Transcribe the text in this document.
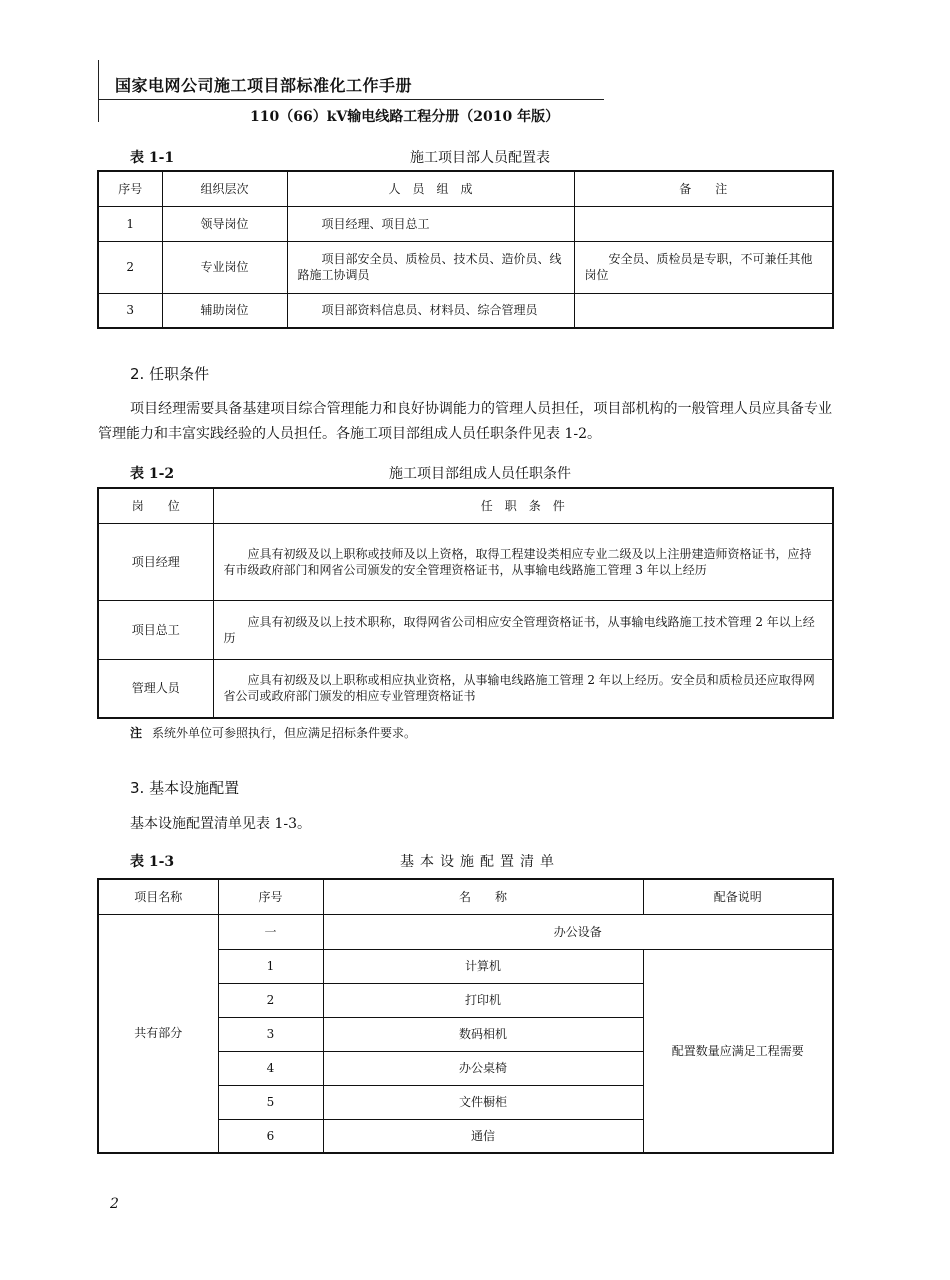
国家电网公司施工项目部标准化工作手册
110（66）kV输电线路工程分册（2010 年版）
表 1-1	施工项目部人员配置表
序号	组织层次	人　员　组　成	备　　注
1	领导岗位	项目经理、项目总工	
2	专业岗位	项目部安全员、质检员、技术员、造价员、线路施工协调员	安全员、质检员是专职，不可兼任其他岗位
3	辅助岗位	项目部资料信息员、材料员、综合管理员	
2. 任职条件
项目经理需要具备基建项目综合管理能力和良好协调能力的管理人员担任，项目部机构的一般管理人员应具备专业管理能力和丰富实践经验的人员担任。各施工项目部组成人员任职条件见表 1-2。
表 1-2	施工项目部组成人员任职条件
岗　　位	任　职　条　件
项目经理	应具有初级及以上职称或技师及以上资格，取得工程建设类相应专业二级及以上注册建造师资格证书，应持有市级政府部门和网省公司颁发的安全管理资格证书，从事输电线路施工管理 3 年以上经历
项目总工	应具有初级及以上技术职称，取得网省公司相应安全管理资格证书，从事输电线路施工技术管理 2 年以上经历
管理人员	应具有初级及以上职称或相应执业资格，从事输电线路施工管理 2 年以上经历。安全员和质检员还应取得网省公司或政府部门颁发的相应专业管理资格证书
注 系统外单位可参照执行，但应满足招标条件要求。
3. 基本设施配置
基本设施配置清单见表 1-3。
表 1-3	基本设施配置清单
项目名称	序号	名　　称	配备说明
共有部分	一	办公设备	
	1	计算机	配置数量应满足工程需要
	2	打印机	
	3	数码相机	
	4	办公桌椅	
	5	文件橱柜	
	6	通信	
2
